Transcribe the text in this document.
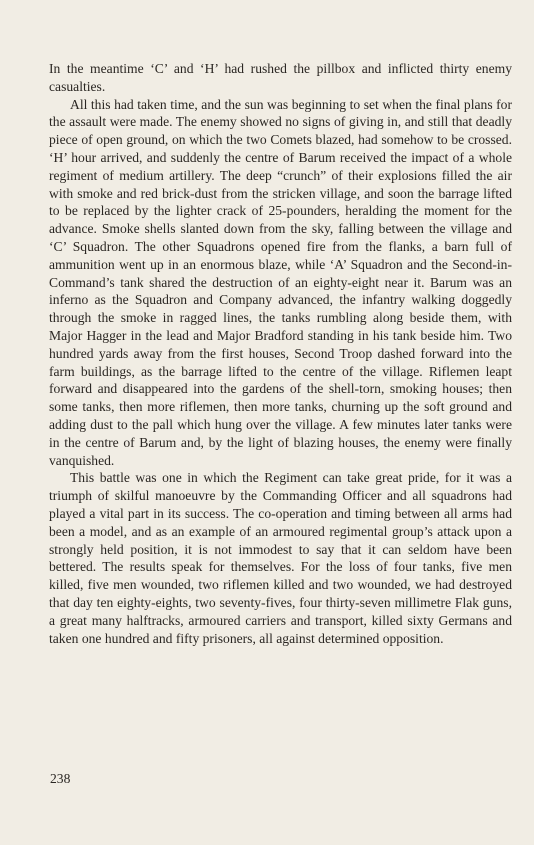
In the meantime ‘C’ and ‘H’ had rushed the pillbox and inflicted thirty enemy casualties.

All this had taken time, and the sun was beginning to set when the final plans for the assault were made. The enemy showed no signs of giving in, and still that deadly piece of open ground, on which the two Comets blazed, had somehow to be crossed. ‘H’ hour arrived, and suddenly the centre of Barum received the impact of a whole regiment of medium artillery. The deep “crunch” of their explosions filled the air with smoke and red brick-dust from the stricken village, and soon the barrage lifted to be replaced by the lighter crack of 25-pounders, heralding the moment for the advance. Smoke shells slanted down from the sky, falling between the village and ‘C’ Squadron. The other Squadrons opened fire from the flanks, a barn full of ammunition went up in an enormous blaze, while ‘A’ Squadron and the Second-in-Command’s tank shared the destruction of an eighty-eight near it. Barum was an inferno as the Squadron and Company advanced, the infantry walking doggedly through the smoke in ragged lines, the tanks rumbling along beside them, with Major Hagger in the lead and Major Bradford standing in his tank beside him. Two hundred yards away from the first houses, Second Troop dashed forward into the farm buildings, as the barrage lifted to the centre of the village. Riflemen leapt forward and disappeared into the gardens of the shell-torn, smoking houses; then some tanks, then more riflemen, then more tanks, churning up the soft ground and adding dust to the pall which hung over the village. A few minutes later tanks were in the centre of Barum and, by the light of blazing houses, the enemy were finally vanquished.

This battle was one in which the Regiment can take great pride, for it was a triumph of skilful manoeuvre by the Commanding Officer and all squadrons had played a vital part in its success. The co-operation and timing between all arms had been a model, and as an example of an armoured regimental group’s attack upon a strongly held position, it is not immodest to say that it can seldom have been bettered. The results speak for themselves. For the loss of four tanks, five men killed, five men wounded, two riflemen killed and two wounded, we had destroyed that day ten eighty-eights, two seventy-fives, four thirty-seven millimetre Flak guns, a great many halftracks, armoured carriers and transport, killed sixty Germans and taken one hundred and fifty prisoners, all against determined opposition.

238
